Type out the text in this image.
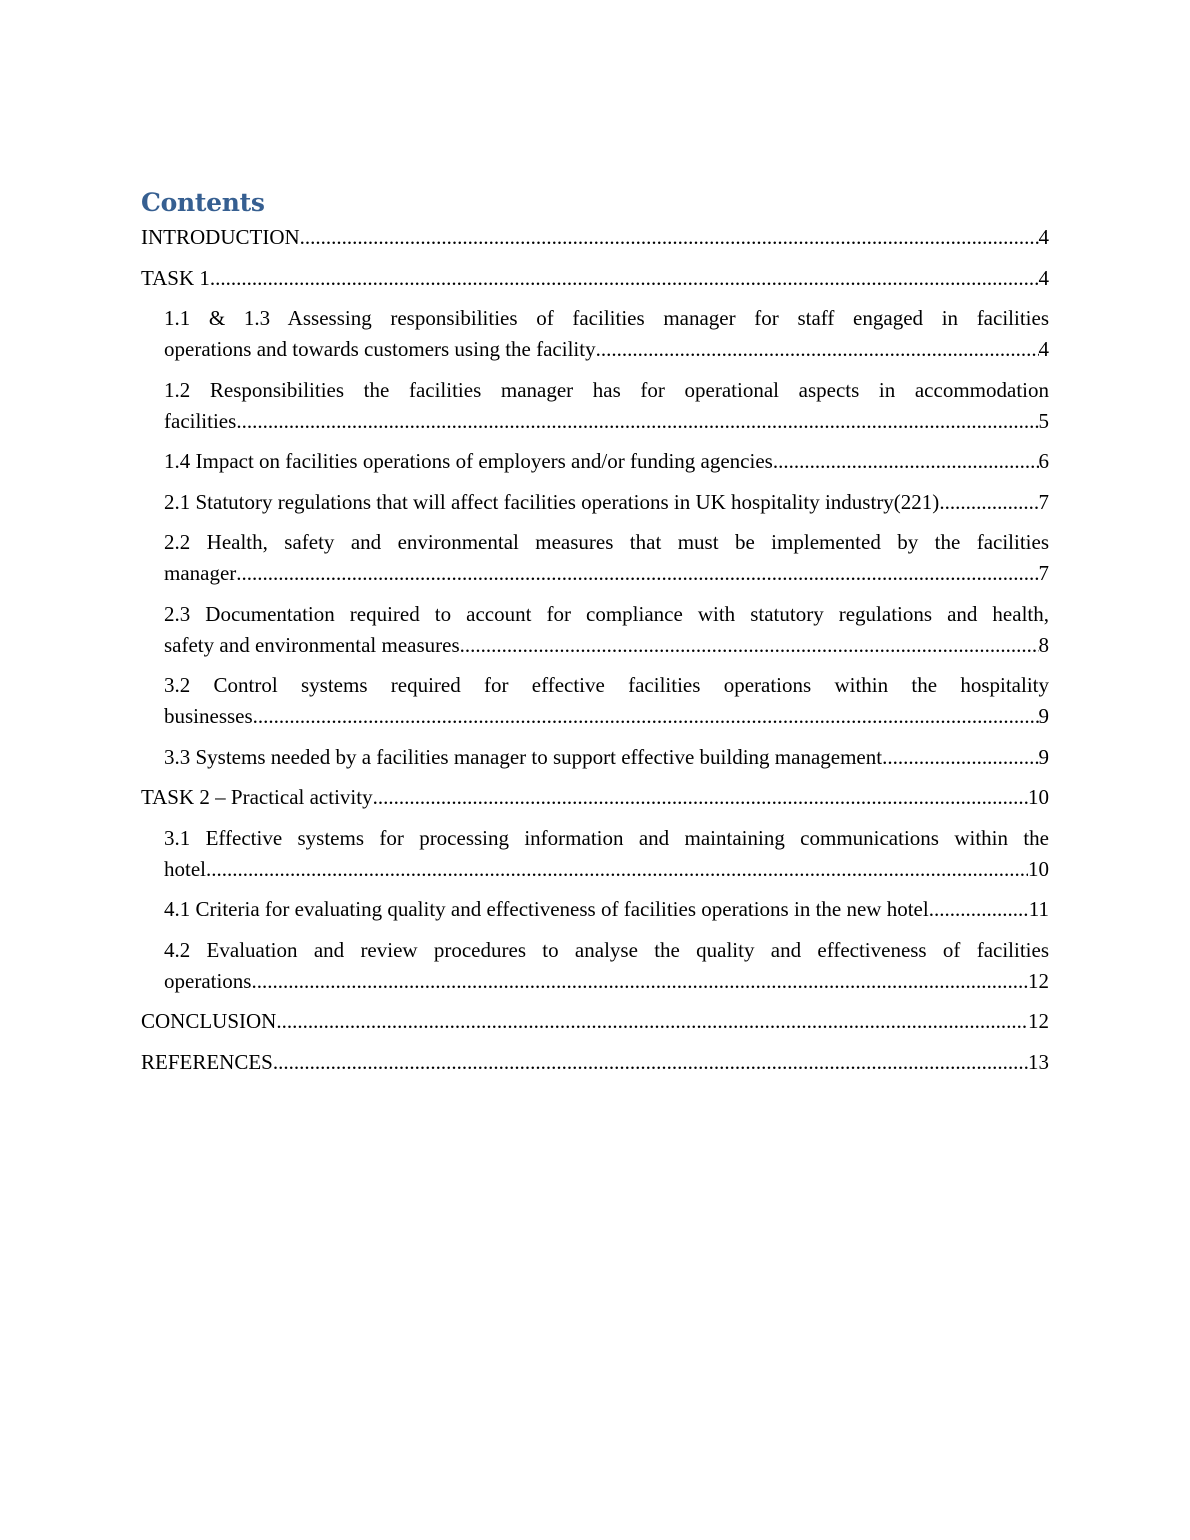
Contents
INTRODUCTION .....	4
TASK 1 .....	4
1.1 & 1.3 Assessing responsibilities of facilities manager for staff engaged in facilities
operations and towards customers using the facility .....	4
1.2 Responsibilities the facilities manager has for operational aspects in accommodation
facilities .....	5
1.4 Impact on facilities operations of employers and/or funding agencies .....	6
2.1 Statutory regulations that will affect facilities operations in UK hospitality industry(221) .....	7
2.2 Health, safety and environmental measures that must be implemented by the facilities
manager .....	7
2.3 Documentation required to account for compliance with statutory regulations and health,
safety and environmental measures .....	8
3.2 Control systems required for effective facilities operations within the hospitality
businesses .....	9
3.3 Systems needed by a facilities manager to support effective building management .....	9
TASK 2 – Practical activity .....	10
3.1 Effective systems for processing information and maintaining communications within the
hotel .....	10
4.1 Criteria for evaluating quality and effectiveness of facilities operations in the new hotel .....	11
4.2 Evaluation and review procedures to analyse the quality and effectiveness of facilities
operations .....	12
CONCLUSION .....	12
REFERENCES .....	13
